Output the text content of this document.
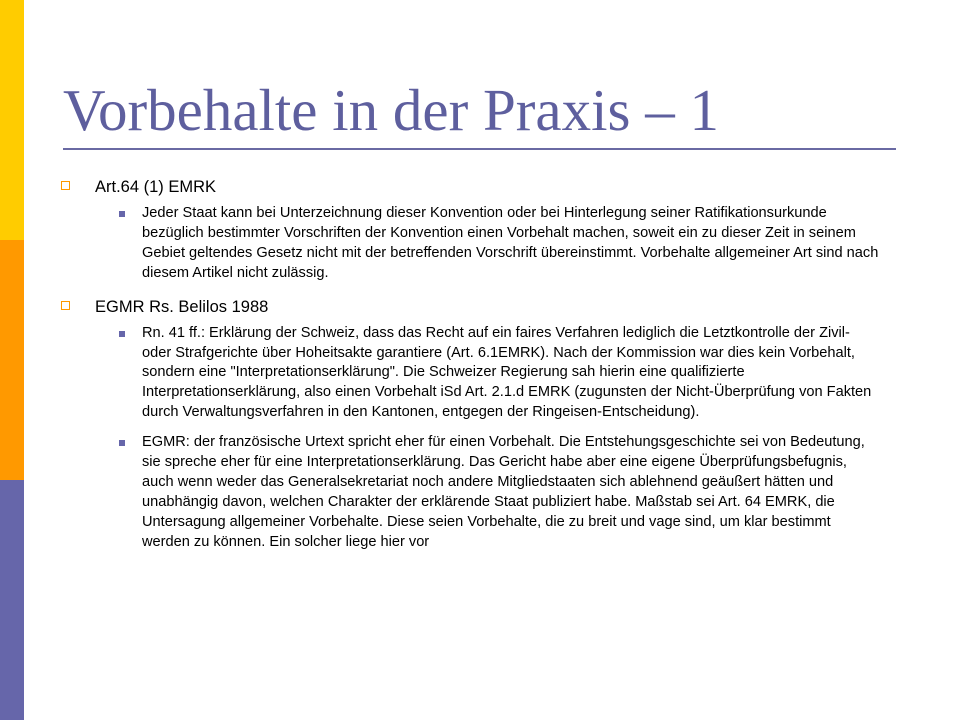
Vorbehalte in der Praxis – 1
Art.64 (1) EMRK
Jeder Staat kann bei Unterzeichnung dieser Konvention oder bei Hinterlegung seiner Ratifikationsurkunde bezüglich bestimmter Vorschriften der Konvention einen Vorbehalt machen, soweit ein zu dieser Zeit in seinem Gebiet geltendes Gesetz nicht mit der betreffenden Vorschrift übereinstimmt. Vorbehalte allgemeiner Art sind nach diesem Artikel nicht zulässig.
EGMR Rs. Belilos 1988
Rn. 41 ff.: Erklärung der Schweiz, dass das Recht auf ein faires Verfahren lediglich die Letztkontrolle der Zivil- oder Strafgerichte über Hoheitsakte garantiere (Art. 6.1EMRK). Nach der Kommission war dies kein Vorbehalt, sondern eine "Interpretationserklärung". Die Schweizer Regierung sah hierin eine qualifizierte Interpretationserklärung, also einen Vorbehalt iSd Art. 2.1.d EMRK (zugunsten der Nicht-Überprüfung von Fakten durch Verwaltungsverfahren in den Kantonen, entgegen der Ringeisen-Entscheidung).
EGMR: der französische Urtext spricht eher für einen Vorbehalt. Die Entstehungsgeschichte sei von Bedeutung, sie spreche eher für eine Interpretationserklärung. Das Gericht habe aber eine eigene Überprüfungsbefugnis, auch wenn weder das Generalsekretariat noch andere Mitgliedstaaten sich ablehnend geäußert hätten und unabhängig davon, welchen Charakter der erklärende Staat publiziert habe. Maßstab sei Art. 64 EMRK, die Untersagung allgemeiner Vorbehalte. Diese seien Vorbehalte, die zu breit und vage sind, um klar bestimmt werden zu können. Ein solcher liege hier vor
